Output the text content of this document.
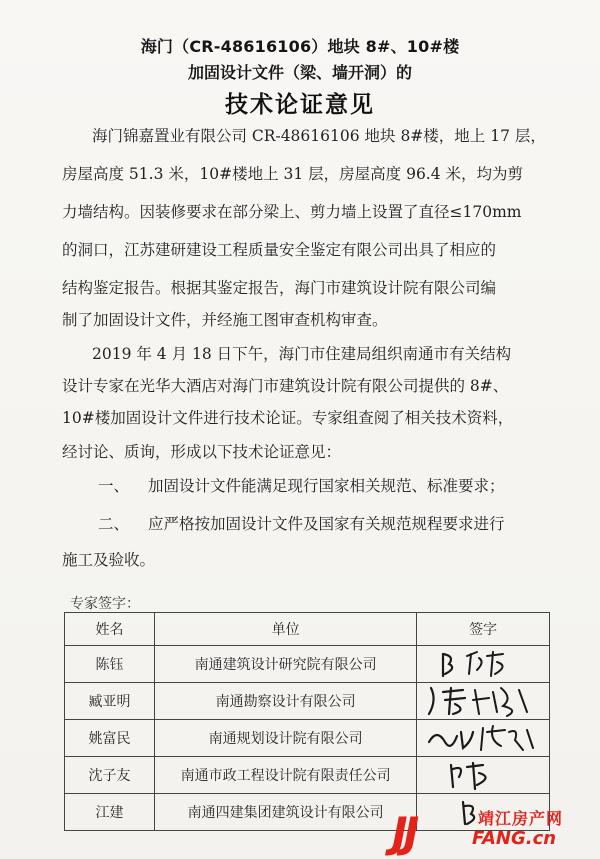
海门（CR-48616106）地块 8#、10#楼
加固设计文件（梁、墙开洞）的
技术论证意见
海门锦嘉置业有限公司 CR-48616106 地块 8#楼，地上 17 层，
房屋高度 51.3 米，10#楼地上 31 层，房屋高度 96.4 米，均为剪
力墙结构。因装修要求在部分梁上、剪力墙上设置了直径≤170mm
的洞口，江苏建研建设工程质量安全鉴定有限公司出具了相应的
结构鉴定报告。根据其鉴定报告，海门市建筑设计院有限公司编
制了加固设计文件，并经施工图审查机构审查。
2019 年 4 月 18 日下午，海门市住建局组织南通市有关结构
设计专家在光华大酒店对海门市建筑设计院有限公司提供的 8#、
10#楼加固设计文件进行技术论证。专家组查阅了相关技术资料，
经讨论、质询，形成以下技术论证意见：
一、 加固设计文件能满足现行国家相关规范、标准要求；
二、 应严格按加固设计文件及国家有关规范规程要求进行
施工及验收。
专家签字：
姓名	单位	签字
陈钰	南通建筑设计研究院有限公司	

臧亚明	南通勘察设计有限公司	

姚富民	南通规划设计院有限公司	

沈子友	南通市政工程设计院有限责任公司	

江建	南通四建集团建筑设计有限公司	JJ	靖江房产网
FANG.cn
